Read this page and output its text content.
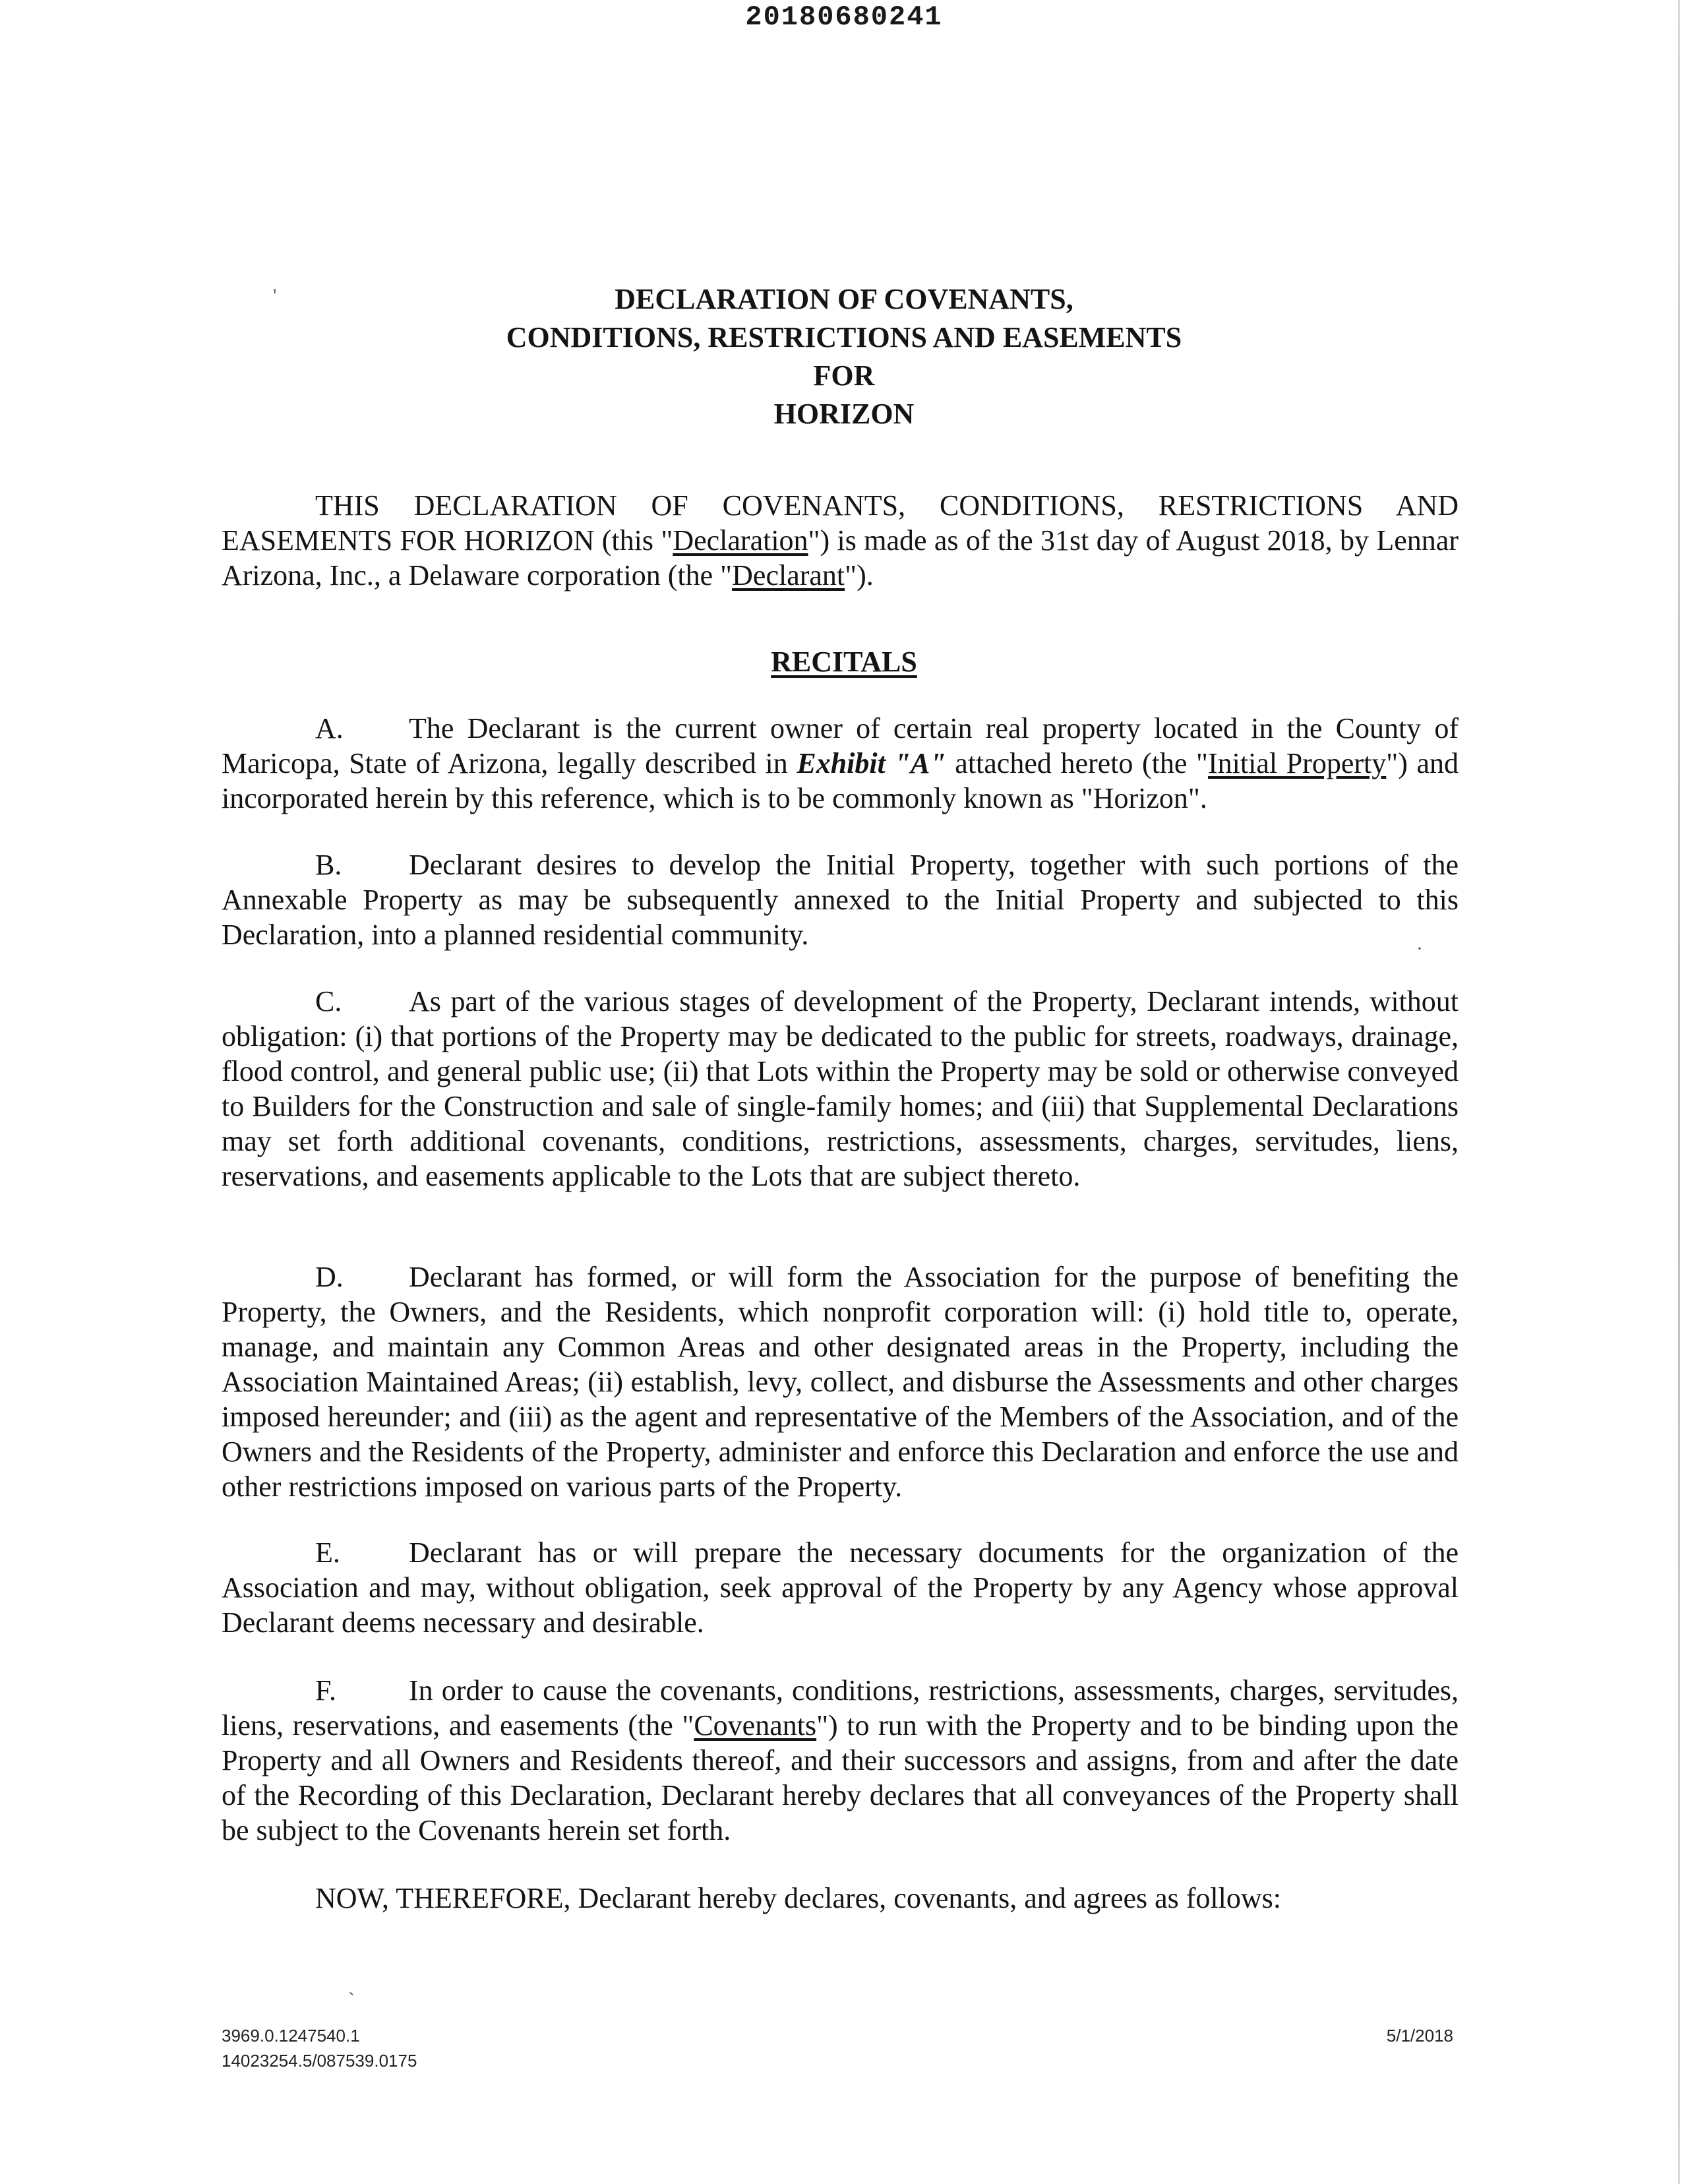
20180680241
'
·
`
DECLARATION OF COVENANTS,
CONDITIONS, RESTRICTIONS AND EASEMENTS
FOR
HORIZON

THIS DECLARATION OF COVENANTS, CONDITIONS, RESTRICTIONS AND EASEMENTS FOR HORIZON (this "Declaration") is made as of the 31st day of August 2018, by Lennar Arizona, Inc., a Delaware corporation (the "Declarant").

RECITALS

A. The Declarant is the current owner of certain real property located in the County of Maricopa, State of Arizona, legally described in Exhibit "A" attached hereto (the "Initial Property") and incorporated herein by this reference, which is to be commonly known as "Horizon".

B. Declarant desires to develop the Initial Property, together with such portions of the Annexable Property as may be subsequently annexed to the Initial Property and subjected to this Declaration, into a planned residential community.

C. As part of the various stages of development of the Property, Declarant intends, without obligation: (i) that portions of the Property may be dedicated to the public for streets, roadways, drainage, flood control, and general public use; (ii) that Lots within the Property may be sold or otherwise conveyed to Builders for the Construction and sale of single-family homes; and (iii) that Supplemental Declarations may set forth additional covenants, conditions, restrictions, assessments, charges, servitudes, liens, reservations, and easements applicable to the Lots that are subject thereto.

D. Declarant has formed, or will form the Association for the purpose of benefiting the Property, the Owners, and the Residents, which nonprofit corporation will: (i) hold title to, operate, manage, and maintain any Common Areas and other designated areas in the Property, including the Association Maintained Areas; (ii) establish, levy, collect, and disburse the Assessments and other charges imposed hereunder; and (iii) as the agent and representative of the Members of the Association, and of the Owners and the Residents of the Property, administer and enforce this Declaration and enforce the use and other restrictions imposed on various parts of the Property.

E. Declarant has or will prepare the necessary documents for the organization of the Association and may, without obligation, seek approval of the Property by any Agency whose approval Declarant deems necessary and desirable.

F.	In order to cause the covenants, conditions, restrictions, assessments, charges, servitudes, liens, reservations, and easements (the "Covenants") to run with the Property and to be binding upon the Property and all Owners and Residents thereof, and their successors and assigns, from and after the date of the Recording of this Declaration, Declarant hereby declares that all conveyances of the Property shall be subject to the Covenants herein set forth.

NOW, THEREFORE, Declarant hereby declares, covenants, and agrees as follows:

3969.0.1247540.1
14023254.5/087539.0175
5/1/2018
